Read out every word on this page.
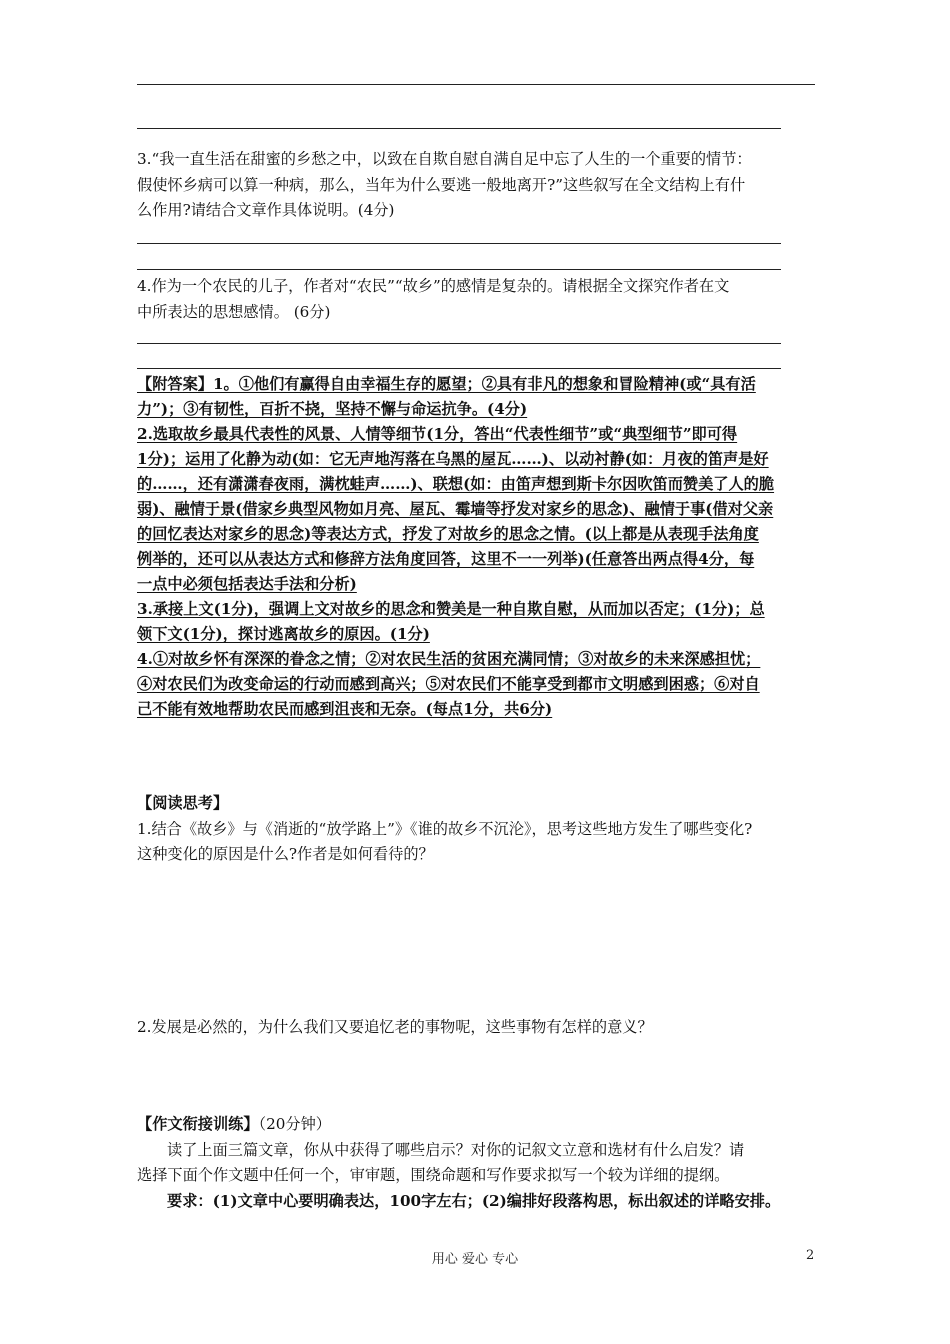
3.“我一直生活在甜蜜的乡愁之中，以致在自欺自慰自满自足中忘了人生的一个重要的情节：
假使怀乡病可以算一种病，那么，当年为什么要逃一般地离开?”这些叙写在全文结构上有什
么作用?请结合文章作具体说明。(4分)
4.作为一个农民的儿子，作者对“农民”“故乡”的感情是复杂的。请根据全文探究作者在文
中所表达的思想感情。 (6分)
【附答案】1。①他们有赢得自由幸福生存的愿望；②具有非凡的想象和冒险精神(或“具有活
力”)；③有韧性，百折不挠，坚持不懈与命运抗争。(4分)
2.选取故乡最具代表性的风景、人情等细节(1分，答出“代表性细节”或“典型细节”即可得
1分)；运用了化静为动(如：它无声地泻落在乌黑的屋瓦……)、以动衬静(如：月夜的笛声是好
的……，还有潇潇春夜雨，满枕蛙声……)、联想(如：由笛声想到斯卡尔因吹笛而赞美了人的脆
弱)、融情于景(借家乡典型风物如月亮、屋瓦、霉墙等抒发对家乡的思念)、融情于事(借对父亲
的回忆表达对家乡的思念)等表达方式，抒发了对故乡的思念之情。(以上都是从表现手法角度
例举的，还可以从表达方式和修辞方法角度回答，这里不一一列举)(任意答出两点得4分，每
一点中必须包括表达手法和分析)
3.承接上文(1分)，强调上文对故乡的思念和赞美是一种自欺自慰，从而加以否定；(1分)；总
领下文(1分)，探讨逃离故乡的原因。(1分)
4.①对故乡怀有深深的眷念之情；②对农民生活的贫困充满同情；③对故乡的未来深感担忧；
④对农民们为改变命运的行动而感到高兴；⑤对农民们不能享受到都市文明感到困惑；⑥对自
己不能有效地帮助农民而感到沮丧和无奈。(每点1分，共6分)
【阅读思考】
1.结合《故乡》与《消逝的“放学路上”》《谁的故乡不沉沦》，思考这些地方发生了哪些变化?
这种变化的原因是什么?作者是如何看待的？
2.发展是必然的，为什么我们又要追忆老的事物呢，这些事物有怎样的意义？
【作文衔接训练】（20分钟）
读了上面三篇文章，你从中获得了哪些启示？对你的记叙文立意和选材有什么启发？请
选择下面个作文题中任何一个，审审题，围绕命题和写作要求拟写一个较为详细的提纲。
要求：(1)文章中心要明确表达，100字左右；(2)编排好段落构思，标出叙述的详略安排。
用心 爱心 专心	2
